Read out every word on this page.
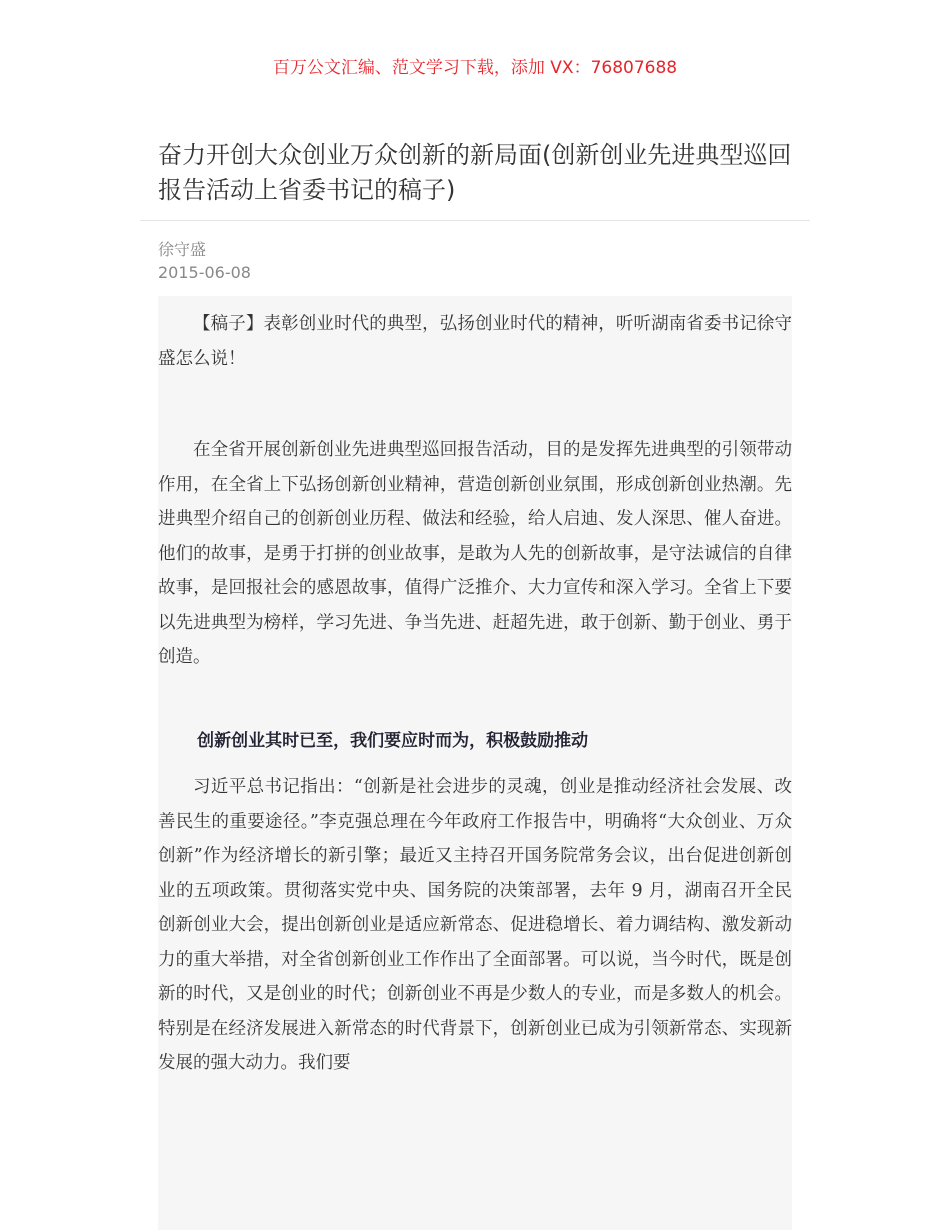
百万公文汇编、范文学习下载，添加 VX：76807688
奋力开创大众创业万众创新的新局面(创新创业先进典型巡回报告活动上省委书记的稿子)
徐守盛
2015-06-08

【稿子】表彰创业时代的典型，弘扬创业时代的精神，听听湖南省委书记徐守盛怎么说！

在全省开展创新创业先进典型巡回报告活动，目的是发挥先进典型的引领带动作用，在全省上下弘扬创新创业精神，营造创新创业氛围，形成创新创业热潮。先进典型介绍自己的创新创业历程、做法和经验，给人启迪、发人深思、催人奋进。他们的故事，是勇于打拼的创业故事，是敢为人先的创新故事，是守法诚信的自律故事，是回报社会的感恩故事，值得广泛推介、大力宣传和深入学习。全省上下要以先进典型为榜样，学习先进、争当先进、赶超先进，敢于创新、勤于创业、勇于创造。

创新创业其时已至，我们要应时而为，积极鼓励推动

习近平总书记指出：“创新是社会进步的灵魂，创业是推动经济社会发展、改善民生的重要途径。”李克强总理在今年政府工作报告中，明确将“大众创业、万众创新”作为经济增长的新引擎；最近又主持召开国务院常务会议，出台促进创新创业的五项政策。贯彻落实党中央、国务院的决策部署，去年 9 月，湖南召开全民创新创业大会，提出创新创业是适应新常态、促进稳增长、着力调结构、激发新动力的重大举措，对全省创新创业工作作出了全面部署。可以说，当今时代，既是创新的时代，又是创业的时代；创新创业不再是少数人的专业，而是多数人的机会。特别是在经济发展进入新常态的时代背景下，创新创业已成为引领新常态、实现新发展的强大动力。我们要
